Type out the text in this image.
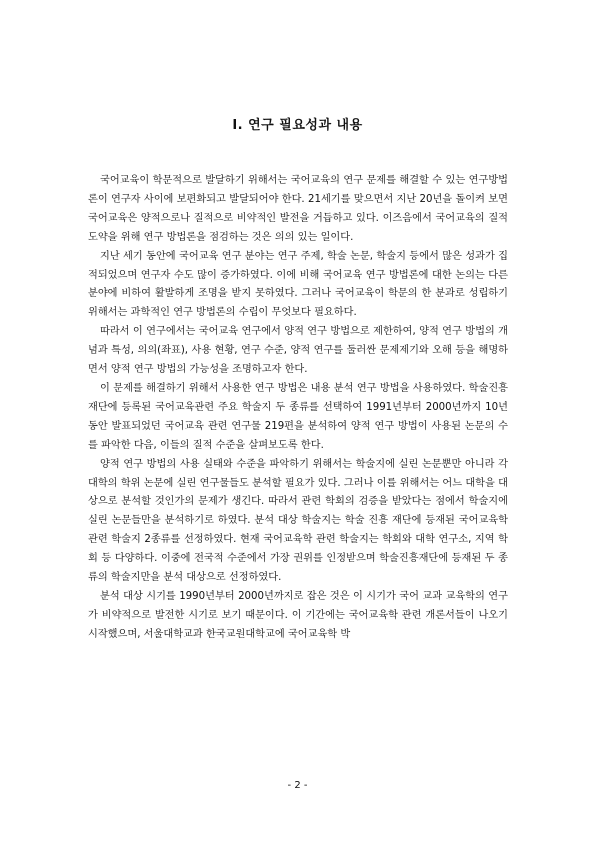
Ⅰ. 연구 필요성과 내용

국어교육이 학문적으로 발달하기 위해서는 국어교육의 연구 문제를 해결할 수 있는 연구방법론이 연구자 사이에 보편화되고 발달되어야 한다. 21세기를 맞으면서 지난 20년을 돌이켜 보면 국어교육은 양적으로나 질적으로 비약적인 발전을 거듭하고 있다. 이즈음에서 국어교육의 질적 도약을 위해 연구 방법론을 점검하는 것은 의의 있는 일이다.

지난 세기 동안에 국어교육 연구 분야는 연구 주제, 학술 논문, 학술지 등에서 많은 성과가 집적되었으며 연구자 수도 많이 증가하였다. 이에 비해 국어교육 연구 방법론에 대한 논의는 다른 분야에 비하여 활발하게 조명을 받지 못하였다. 그러나 국어교육이 학문의 한 분과로 성립하기 위해서는 과학적인 연구 방법론의 수립이 무엇보다 필요하다.

따라서 이 연구에서는 국어교육 연구에서 양적 연구 방법으로 제한하여, 양적 연구 방법의 개념과 특성, 의의(좌표), 사용 현황, 연구 수준, 양적 연구를 둘러싼 문제제기와 오해 등을 해명하면서 양적 연구 방법의 가능성을 조명하고자 한다.

이 문제를 해결하기 위해서 사용한 연구 방법은 내용 분석 연구 방법을 사용하였다. 학술진흥재단에 등록된 국어교육관련 주요 학술지 두 종류를 선택하여 1991년부터 2000년까지 10년 동안 발표되었던 국어교육 관련 연구물 219편을 분석하여 양적 연구 방법이 사용된 논문의 수를 파악한 다음, 이들의 질적 수준을 살펴보도록 한다.

양적 연구 방법의 사용 실태와 수준을 파악하기 위해서는 학술지에 실린 논문뿐만 아니라 각 대학의 학위 논문에 실린 연구물들도 분석할 필요가 있다. 그러나 이를 위해서는 어느 대학을 대상으로 분석할 것인가의 문제가 생긴다. 따라서 관련 학회의 검증을 받았다는 점에서 학술지에 실린 논문들만을 분석하기로 하였다. 분석 대상 학술지는 학술 진흥 재단에 등재된 국어교육학 관련 학술지 2종류를 선정하였다. 현재 국어교육학 관련 학술지는 학회와 대학 연구소, 지역 학회 등 다양하다. 이중에 전국적 수준에서 가장 권위를 인정받으며 학술진흥재단에 등재된 두 종류의 학술지만을 분석 대상으로 선정하였다.

분석 대상 시기를 1990년부터 2000년까지로 잡은 것은 이 시기가 국어 교과 교육학의 연구가 비약적으로 발전한 시기로 보기 때문이다. 이 기간에는 국어교육학 관련 개론서들이 나오기 시작했으며, 서울대학교과 한국교원대학교에 국어교육학 박

- 2 -
